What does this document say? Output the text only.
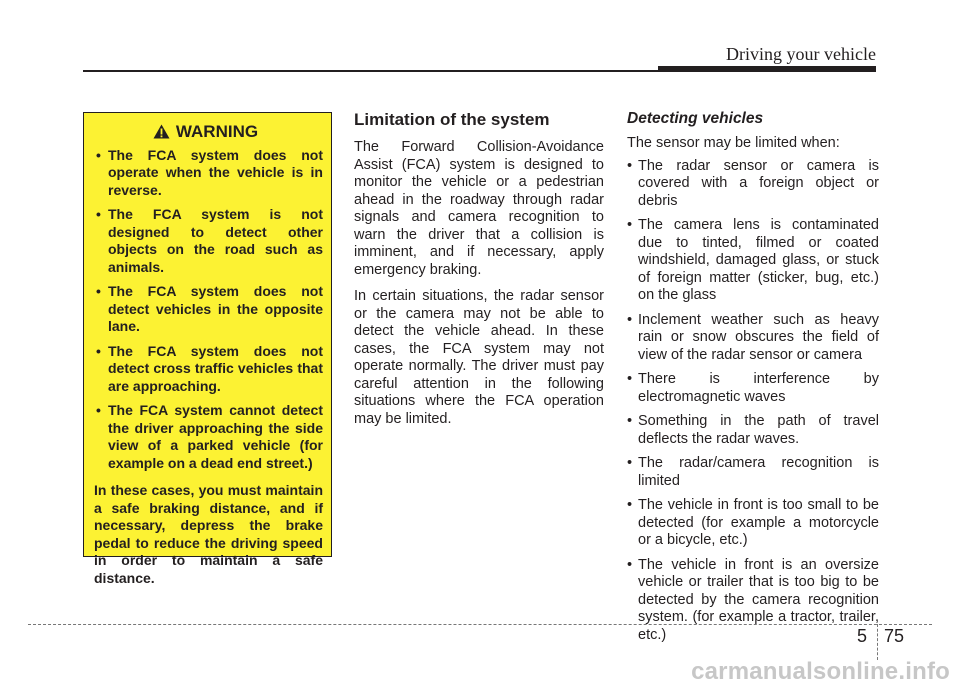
Driving your vehicle
WARNING
• The FCA system does not operate when the vehicle is in reverse.
• The FCA system is not designed to detect other objects on the road such as animals.
• The FCA system does not detect vehicles in the opposite lane.
• The FCA system does not detect cross traffic vehicles that are approaching.
• The FCA system cannot detect the driver approaching the side view of a parked vehicle (for example on a dead end street.)
In these cases, you must maintain a safe braking distance, and if necessary, depress the brake pedal to reduce the driving speed in order to maintain a safe distance.
Limitation of the system

The Forward Collision-Avoidance Assist (FCA) system is designed to monitor the vehicle or a pedestrian ahead in the roadway through radar signals and camera recognition to warn the driver that a collision is imminent, and if necessary, apply emergency braking.

In certain situations, the radar sensor or the camera may not be able to detect the vehicle ahead. In these cases, the FCA system may not operate normally. The driver must pay careful attention in the following situations where the FCA operation may be limited.

Detecting vehicles

The sensor may be limited when:

• The radar sensor or camera is covered with a foreign object or debris
• The camera lens is contaminated due to tinted, filmed or coated windshield, damaged glass, or stuck of foreign matter (sticker, bug, etc.) on the glass
• Inclement weather such as heavy rain or snow obscures the field of view of the radar sensor or camera
• There is interference by electromagnetic waves
• Something in the path of travel deflects the radar waves.
• The radar/camera recognition is limited
• The vehicle in front is too small to be detected (for example a motorcycle or a bicycle, etc.)
• The vehicle in front is an oversize vehicle or trailer that is too big to be detected by the camera recognition system. (for example a tractor, trailer, etc.)	5 75
carmanualsonline.info
